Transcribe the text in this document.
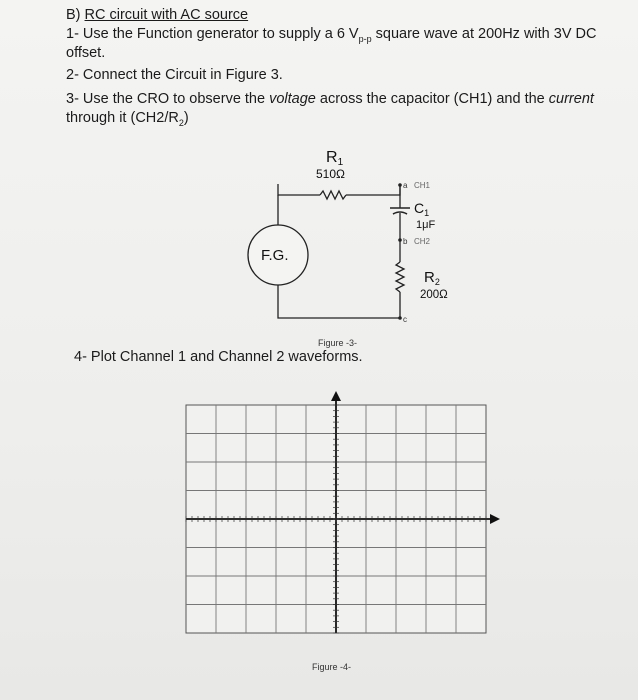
B) RC circuit with AC source
1- Use the Function generator to supply a 6 $V_{p-p}$ square wave at 200Hz with 3V DC
offset.
2- Connect the Circuit in Figure 3.
3- Use the CRO to observe the voltage across the capacitor (CH1) and the current
through it $(CH2/R_2)$
R1
510Ω
a CH1
$C_1$
1μF
b CH2
$R_2$
200Ω
c
F.G.
Figure -3-
4- Plot Channel 1 and Channel 2 waveforms.
Figure -4-
